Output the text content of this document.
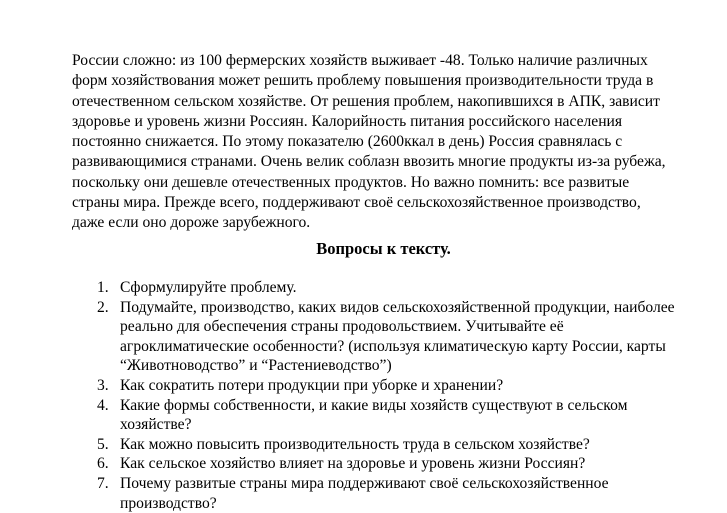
России сложно: из 100 фермерских хозяйств выживает -48. Только наличие различных
форм хозяйствования может решить проблему повышения производительности труда в
отечественном сельском хозяйстве. От решения проблем, накопившихся в АПК, зависит
здоровье и уровень жизни Россиян. Калорийность питания российского населения
постоянно снижается. По этому показателю (2600ккал в день) Россия сравнялась с
развивающимися странами. Очень велик соблазн ввозить многие продукты из-за рубежа,
поскольку они дешевле отечественных продуктов. Но важно помнить: все развитые
страны мира. Прежде всего, поддерживают своё сельскохозяйственное производство,
даже если оно дороже зарубежного.
Вопросы к тексту.
1. Сформулируйте проблему.
2. Подумайте, производство, каких видов сельскохозяйственной продукции, наиболее
реально для обеспечения страны продовольствием. Учитывайте её
агроклиматические особенности? (используя климатическую карту России, карты
“Животноводство” и “Растениеводство”)
3. Как сократить потери продукции при уборке и хранении?
4. Какие формы собственности, и какие виды хозяйств существуют в сельском
хозяйстве?
5. Как можно повысить производительность труда в сельском хозяйстве?
6. Как сельское хозяйство влияет на здоровье и уровень жизни Россиян?
7. Почему развитые страны мира поддерживают своё сельскохозяйственное
производство?
